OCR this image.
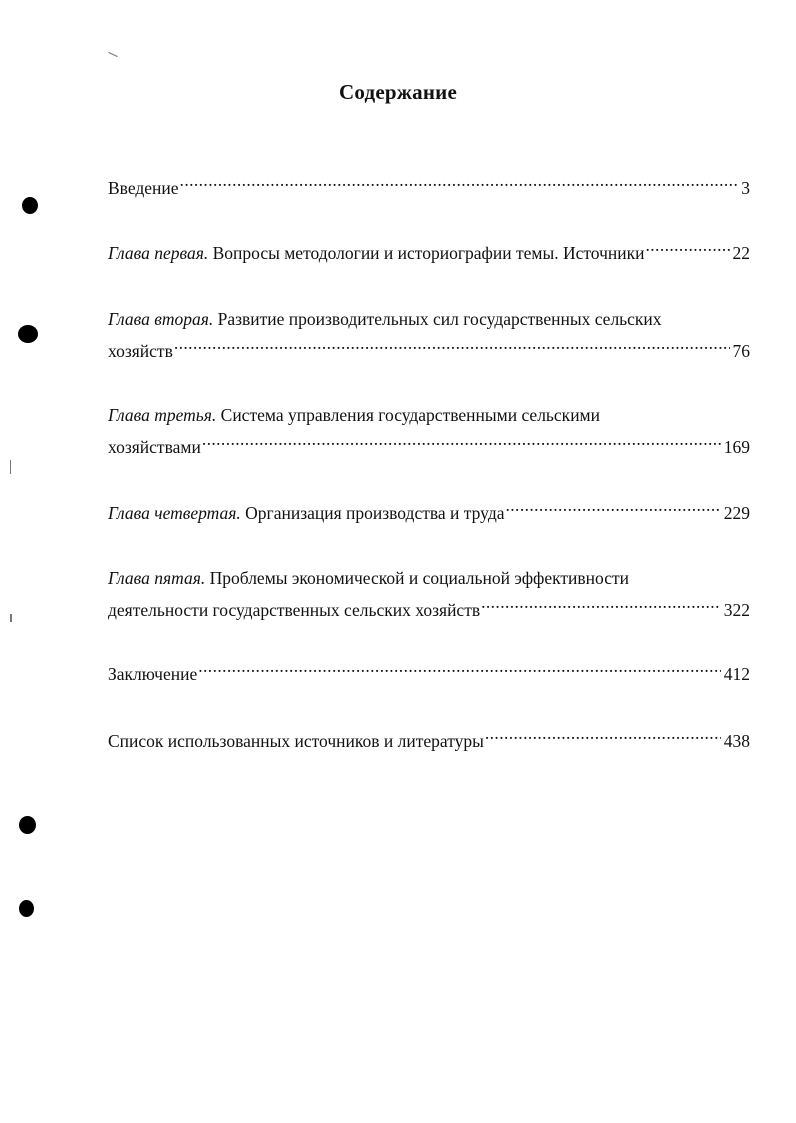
Содержание
Введение .....	3
Глава первая. Вопросы методологии и историографии темы. Источники .....	22
Глава вторая. Развитие производительных сил государственных сельских
хозяйств .....	76
Глава третья. Система управления государственными сельскими
хозяйствами .....	169
Глава четвертая. Организация производства и труда .....	229
Глава пятая. Проблемы экономической и социальной эффективности
деятельности государственных сельских хозяйств .....	322
Заключение .....	412
Список использованных источников и литературы .....	438
